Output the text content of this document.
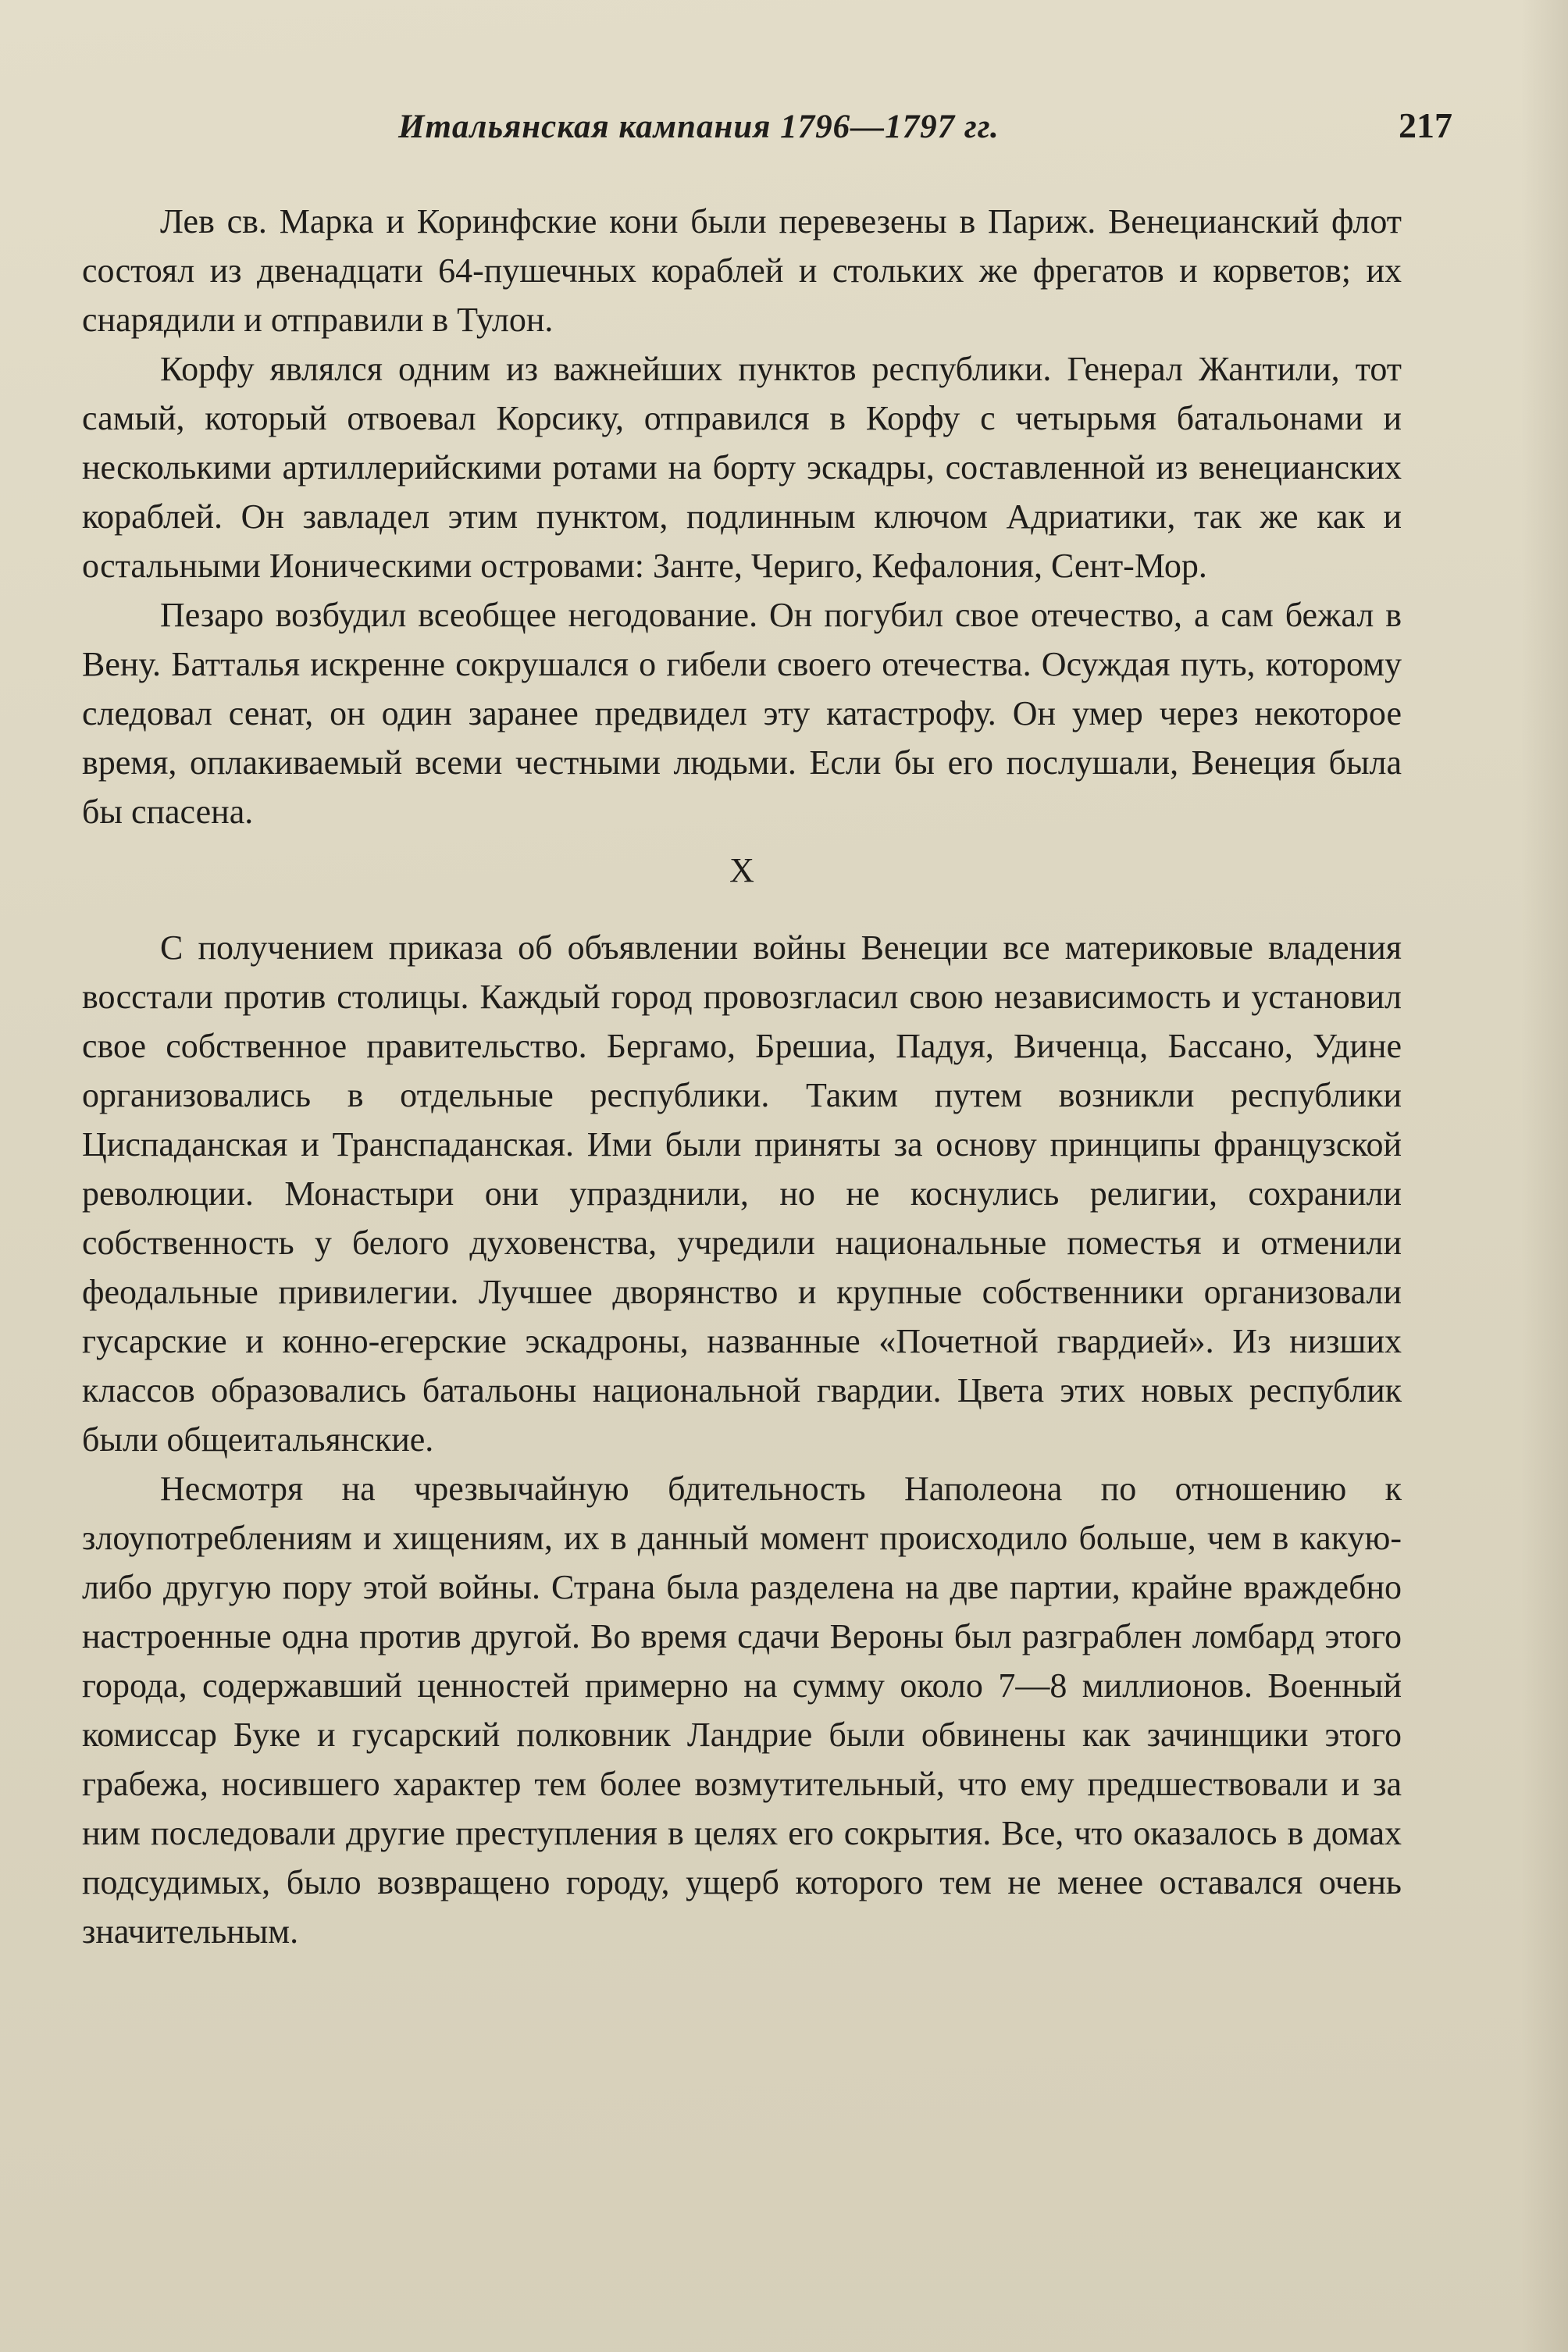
Итальянская кампания 1796—1797 гг.	217

Лев св. Марка и Коринфские кони были перевезены в Париж. Венецианский флот состоял из двенадцати 64-пушечных кораблей и стольких же фрегатов и корветов; их снарядили и отправили в Тулон.

Корфу являлся одним из важнейших пунктов республики. Генерал Жантили, тот самый, который отвоевал Корсику, отправился в Корфу с четырьмя батальонами и несколькими артиллерийскими ротами на борту эскадры, составленной из венецианских кораблей. Он завладел этим пунктом, подлинным ключом Адриатики, так же как и остальными Ионическими островами: Занте, Чериго, Кефалония, Сент-Мор.

Пезаро возбудил всеобщее негодование. Он погубил свое отечество, а сам бежал в Вену. Батталья искренне сокрушался о гибели своего отечества. Осуждая путь, которому следовал сенат, он один заранее предвидел эту катастрофу. Он умер через некоторое время, оплакиваемый всеми честными людьми. Если бы его послушали, Венеция была бы спасена.

X

С получением приказа об объявлении войны Венеции все материковые владения восстали против столицы. Каждый город провозгласил свою независимость и установил свое собственное правительство. Бергамо, Брешиа, Падуя, Виченца, Бассано, Удине организовались в отдельные республики. Таким путем возникли республики Циспаданская и Транспаданская. Ими были приняты за основу принципы французской революции. Монастыри они упразднили, но не коснулись религии, сохранили собственность у белого духовенства, учредили национальные поместья и отменили феодальные привилегии. Лучшее дворянство и крупные собственники организовали гусарские и конно-егерские эскадроны, названные «Почетной гвардией». Из низших классов образовались батальоны национальной гвардии. Цвета этих новых республик были общеитальянские.

Несмотря на чрезвычайную бдительность Наполеона по отношению к злоупотреблениям и хищениям, их в данный момент происходило больше, чем в какую-либо другую пору этой войны. Страна была разделена на две партии, крайне враждебно настроенные одна против другой. Во время сдачи Вероны был разграблен ломбард этого города, содержавший ценностей примерно на сумму около 7—8 миллионов. Военный комиссар Буке и гусарский полковник Ландрие были обвинены как зачинщики этого грабежа, носившего характер тем более возмутительный, что ему предшествовали и за ним последовали другие преступления в целях его сокрытия. Все, что оказалось в домах подсудимых, было возвращено городу, ущерб которого тем не менее оставался очень значительным.
